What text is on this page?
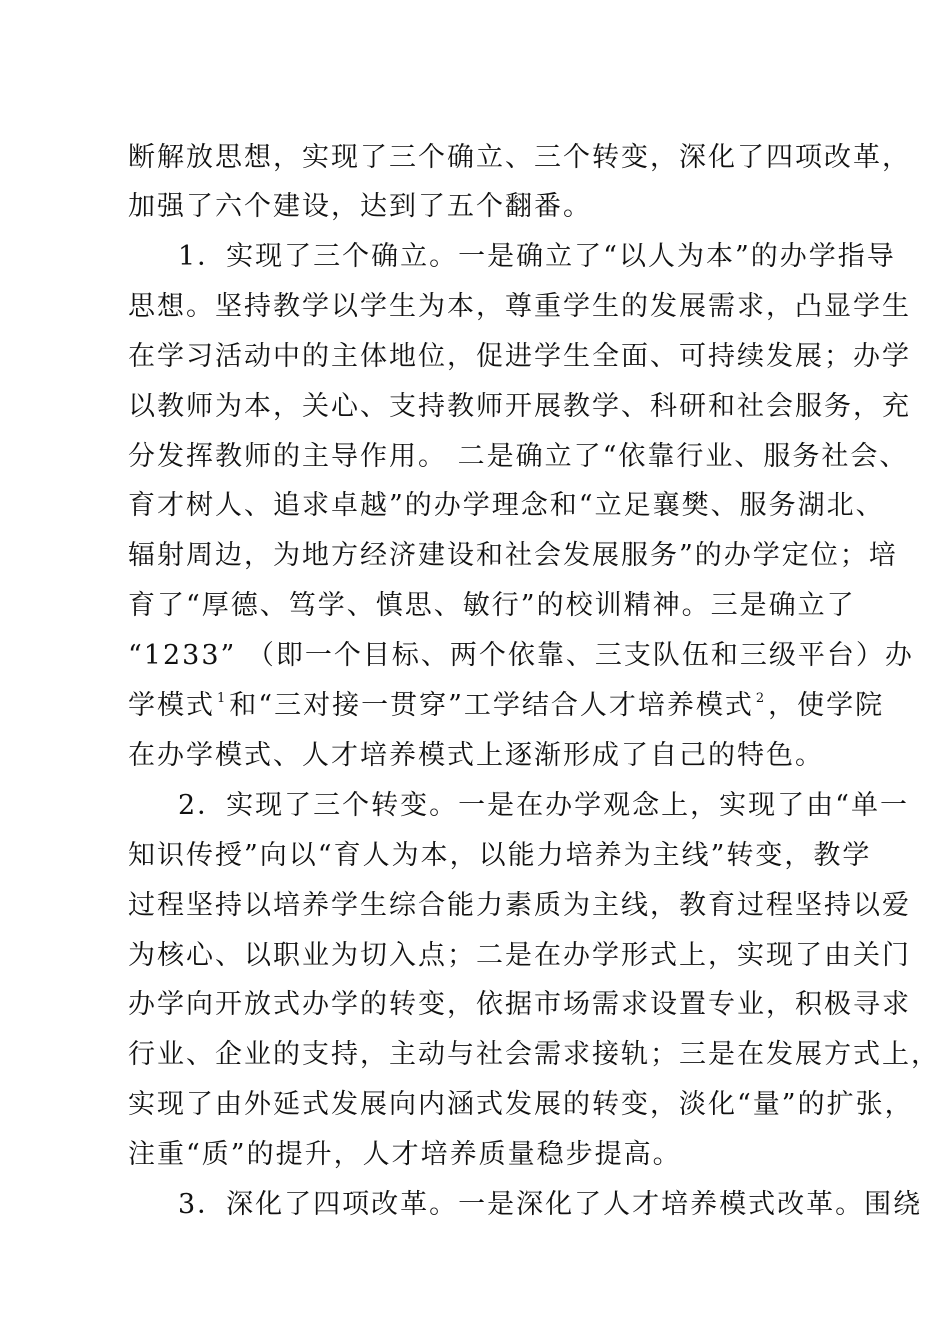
断解放思想，实现了三个确立、三个转变，深化了四项改革，
加强了六个建设，达到了五个翻番。
1．实现了三个确立。一是确立了“以人为本”的办学指导
思想。坚持教学以学生为本，尊重学生的发展需求，凸显学生
在学习活动中的主体地位，促进学生全面、可持续发展；办学
以教师为本，关心、支持教师开展教学、科研和社会服务，充
分发挥教师的主导作用。 二是确立了“依靠行业、服务社会、
育才树人、追求卓越”的办学理念和“立足襄樊、服务湖北、
辐射周边，为地方经济建设和社会发展服务”的办学定位；培
育了“厚德、笃学、慎思、敏行”的校训精神。三是确立了
“1233” （即一个目标、两个依靠、三支队伍和三级平台）办
学模式 $^1$和“三对接一贯穿”工学结合人才培养模式 $^2$，使学院
在办学模式、人才培养模式上逐渐形成了自己的特色。
2．实现了三个转变。一是在办学观念上，实现了由“单一
知识传授”向以“育人为本，以能力培养为主线”转变，教学
过程坚持以培养学生综合能力素质为主线，教育过程坚持以爱
为核心、以职业为切入点；二是在办学形式上，实现了由关门
办学向开放式办学的转变，依据市场需求设置专业，积极寻求
行业、企业的支持，主动与社会需求接轨；三是在发展方式上，
实现了由外延式发展向内涵式发展的转变，淡化“量”的扩张，
注重“质”的提升，人才培养质量稳步提高。
3．深化了四项改革。一是深化了人才培养模式改革。围绕
